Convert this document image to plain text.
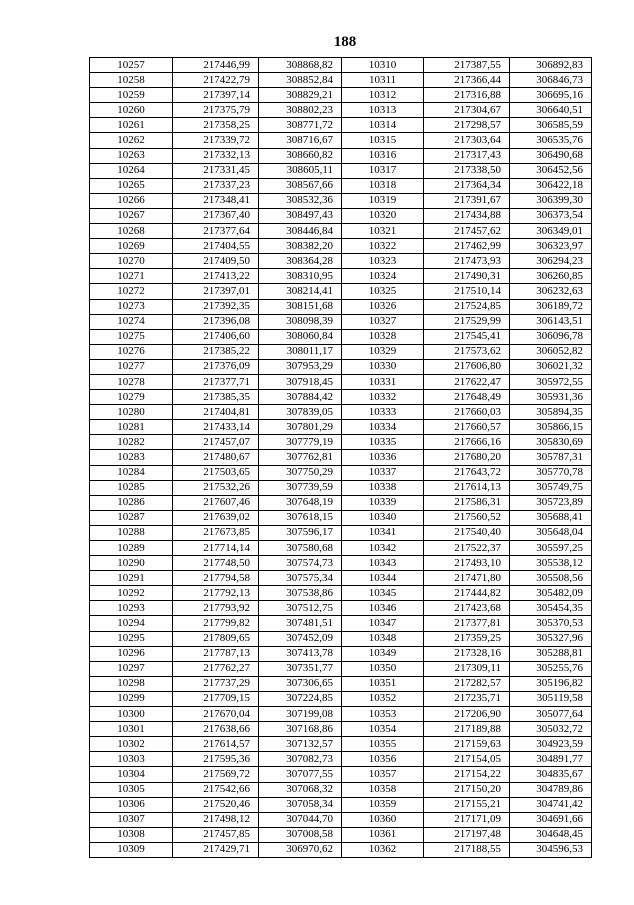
188
10257	217446,99	308868,82	10310	217387,55	306892,83
10258	217422,79	308852,84	10311	217366,44	306846,73
10259	217397,14	308829,21	10312	217316,88	306695,16
10260	217375,79	308802,23	10313	217304,67	306640,51
10261	217358,25	308771,72	10314	217298,57	306585,59
10262	217339,72	308716,67	10315	217303,64	306535,76
10263	217332,13	308660,82	10316	217317,43	306490,68
10264	217331,45	308605,11	10317	217338,50	306452,56
10265	217337,23	308567,66	10318	217364,34	306422,18
10266	217348,41	308532,36	10319	217391,67	306399,30
10267	217367,40	308497,43	10320	217434,88	306373,54
10268	217377,64	308446,84	10321	217457,62	306349,01
10269	217404,55	308382,20	10322	217462,99	306323,97
10270	217409,50	308364,28	10323	217473,93	306294,23
10271	217413,22	308310,95	10324	217490,31	306260,85
10272	217397,01	308214,41	10325	217510,14	306232,63
10273	217392,35	308151,68	10326	217524,85	306189,72
10274	217396,08	308098,39	10327	217529,99	306143,51
10275	217406,60	308060,84	10328	217545,41	306096,78
10276	217385,22	308011,17	10329	217573,62	306052,82
10277	217376,09	307953,29	10330	217606,80	306021,32
10278	217377,71	307918,45	10331	217622,47	305972,55
10279	217385,35	307884,42	10332	217648,49	305931,36
10280	217404,81	307839,05	10333	217660,03	305894,35
10281	217433,14	307801,29	10334	217660,57	305866,15
10282	217457,07	307779,19	10335	217666,16	305830,69
10283	217480,67	307762,81	10336	217680,20	305787,31
10284	217503,65	307750,29	10337	217643,72	305770,78
10285	217532,26	307739,59	10338	217614,13	305749,75
10286	217607,46	307648,19	10339	217586,31	305723,89
10287	217639,02	307618,15	10340	217560,52	305688,41
10288	217673,85	307596,17	10341	217540,40	305648,04
10289	217714,14	307580,68	10342	217522,37	305597,25
10290	217748,50	307574,73	10343	217493,10	305538,12
10291	217794,58	307575,34	10344	217471,80	305508,56
10292	217792,13	307538,86	10345	217444,82	305482,09
10293	217793,92	307512,75	10346	217423,68	305454,35
10294	217799,82	307481,51	10347	217377,81	305370,53
10295	217809,65	307452,09	10348	217359,25	305327,96
10296	217787,13	307413,78	10349	217328,16	305288,81
10297	217762,27	307351,77	10350	217309,11	305255,76
10298	217737,29	307306,65	10351	217282,57	305196,82
10299	217709,15	307224,85	10352	217235,71	305119,58
10300	217670,04	307199,08	10353	217206,90	305077,64
10301	217638,66	307168,86	10354	217189,88	305032,72
10302	217614,57	307132,57	10355	217159,63	304923,59
10303	217595,36	307082,73	10356	217154,05	304891,77
10304	217569,72	307077,55	10357	217154,22	304835,67
10305	217542,66	307068,32	10358	217150,20	304789,86
10306	217520,46	307058,34	10359	217155,21	304741,42
10307	217498,12	307044,70	10360	217171,09	304691,66
10308	217457,85	307008,58	10361	217197,48	304648,45
10309	217429,71	306970,62	10362	217188,55	304596,53
